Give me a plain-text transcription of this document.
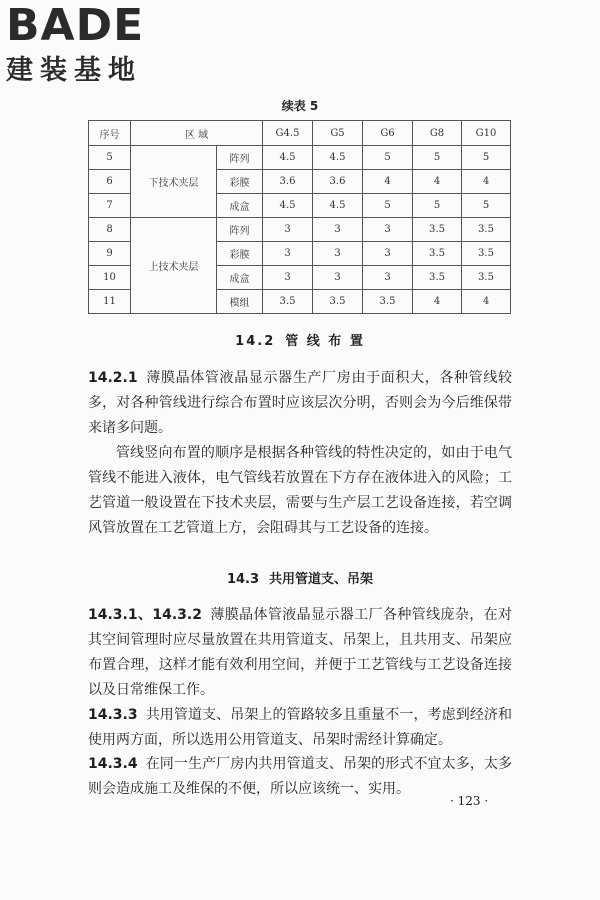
BADE
建装基地
续表 5
序号	区 域		G4.5	G5	G6	G8	G10
5	下技术夹层	阵列	4.5	4.5	5	5	5
6		彩膜	3.6	3.6	4	4	4
7		成盒	4.5	4.5	5	5	5
8	上技术夹层	阵列	3	3	3	3.5	3.5
9		彩膜	3	3	3	3.5	3.5
10		成盒	3	3	3	3.5	3.5
11		模组	3.5	3.5	3.5	4	4
14.2 管 线 布 置

14.2.1 薄膜晶体管液晶显示器生产厂房由于面积大，各种管线较多，对各种管线进行综合布置时应该层次分明，否则会为今后维保带来诸多问题。

管线竖向布置的顺序是根据各种管线的特性决定的，如由于电气管线不能进入液体，电气管线若放置在下方存在液体进入的风险；工艺管道一般设置在下技术夹层，需要与生产层工艺设备连接，若空调风管放置在工艺管道上方，会阻碍其与工艺设备的连接。

14.3 共用管道支、吊架

14.3.1、14.3.2 薄膜晶体管液晶显示器工厂各种管线庞杂，在对其空间管理时应尽量放置在共用管道支、吊架上，且共用支、吊架应布置合理，这样才能有效利用空间，并便于工艺管线与工艺设备连接以及日常维保工作。

14.3.3 共用管道支、吊架上的管路较多且重量不一，考虑到经济和使用两方面，所以选用公用管道支、吊架时需经计算确定。

14.3.4 在同一生产厂房内共用管道支、吊架的形式不宜太多，太多则会造成施工及维保的不便，所以应该统一、实用。

· 123 ·
